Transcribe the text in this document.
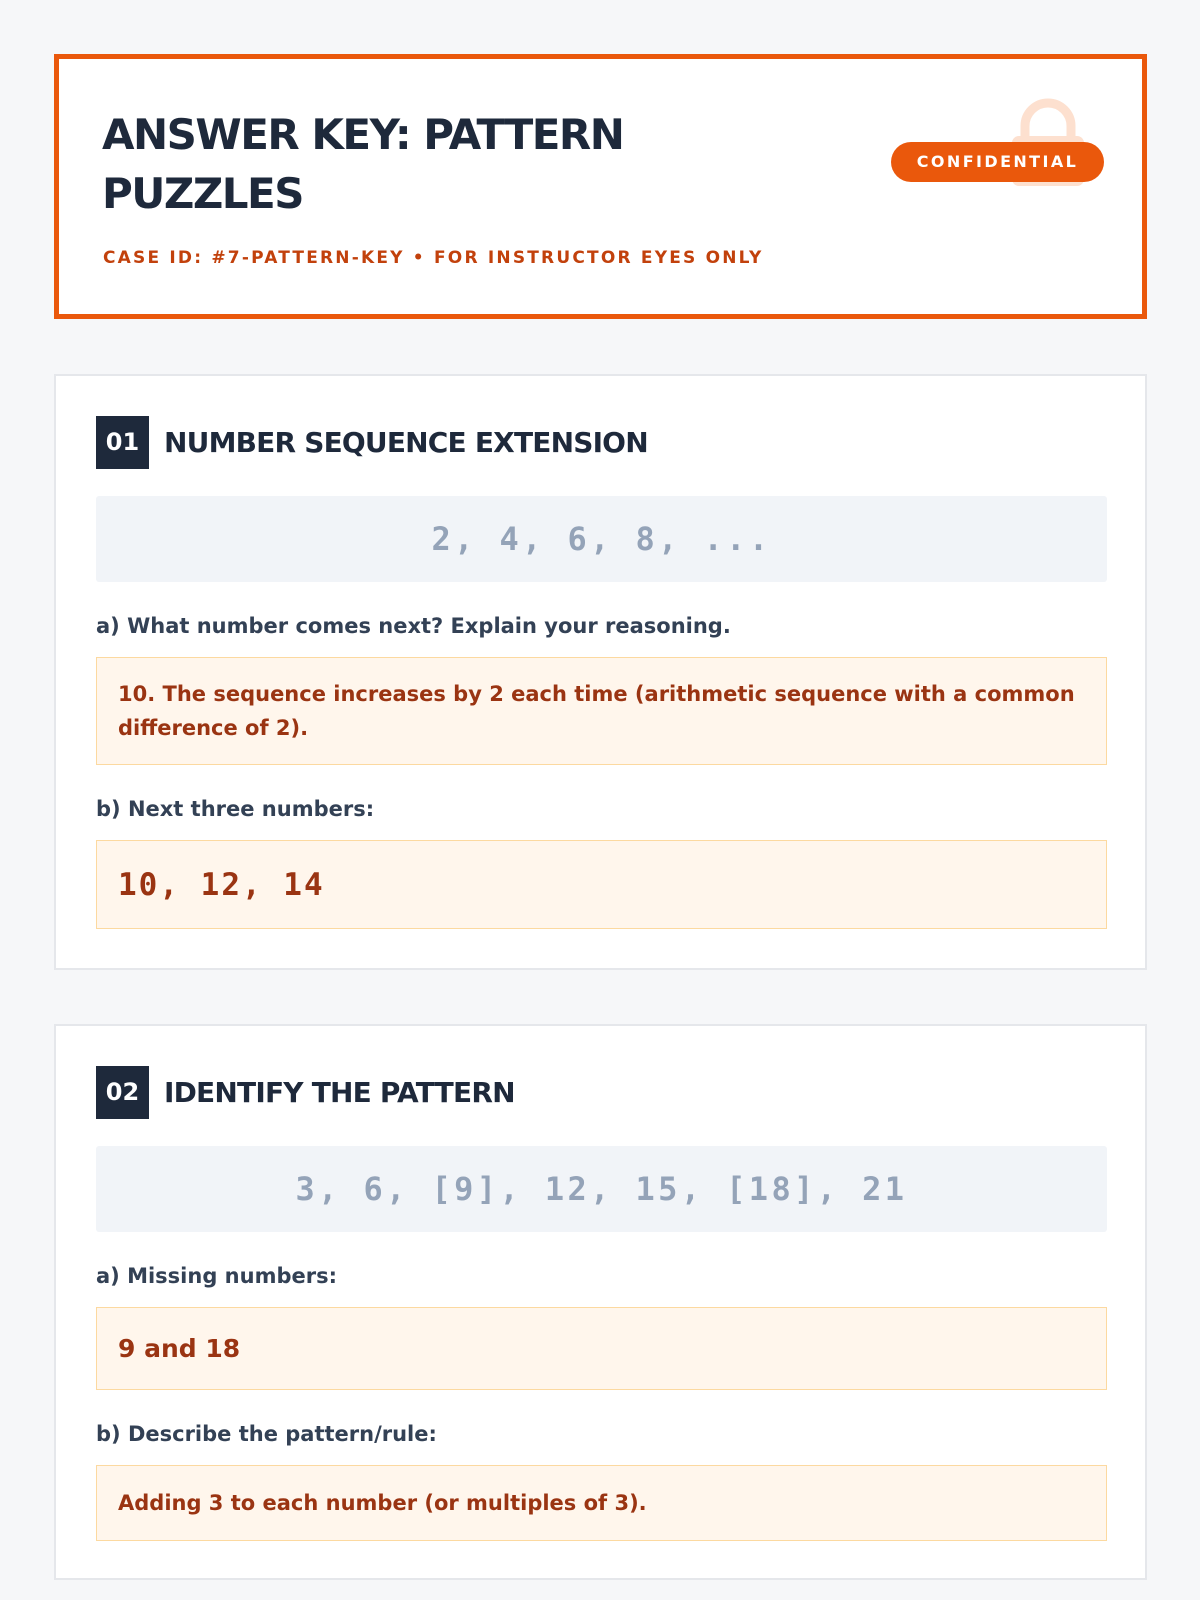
ANSWER KEY: PATTERN PUZZLES
CASE ID: #7-PATTERN-KEY • FOR INSTRUCTOR EYES ONLY
CONFIDENTIAL
01 NUMBER SEQUENCE EXTENSION
2, 4, 6, 8, ...
a) What number comes next? Explain your reasoning.
10. The sequence increases by 2 each time (arithmetic sequence with a common difference of 2).
b) Next three numbers:
10, 12, 14
02 IDENTIFY THE PATTERN
3, 6, [9], 12, 15, [18], 21
a) Missing numbers:
9 and 18
b) Describe the pattern/rule:
Adding 3 to each number (or multiples of 3).
